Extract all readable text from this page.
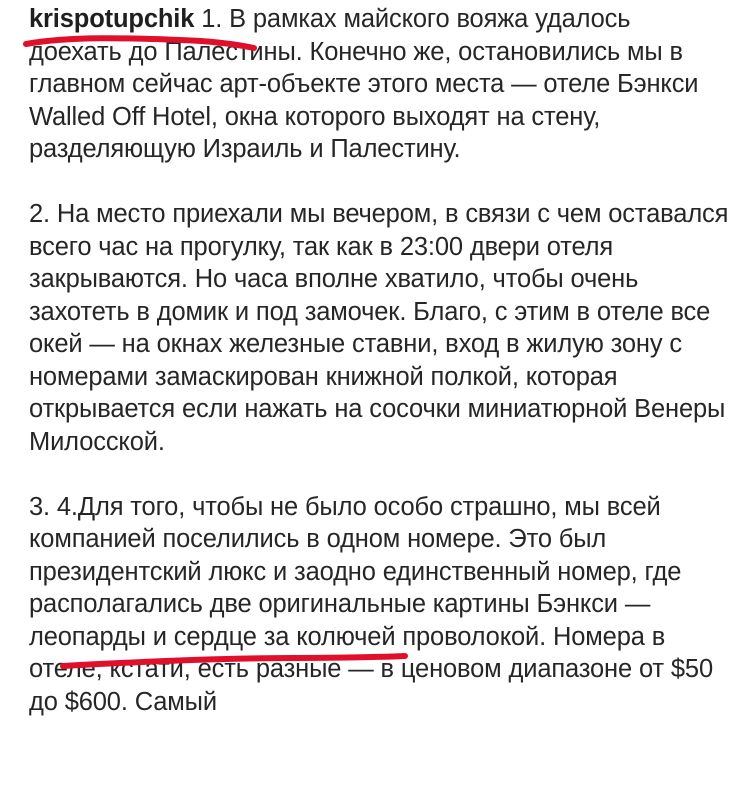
krispotupchik 1. В рамках майского вояжа удалось доехать до Палестины. Конечно же, остановились мы в главном сейчас арт-объекте этого места — отеле Бэнкси Walled Off Hotel, окна которого выходят на стену, разделяющую Израиль и Палестину.

2. На место приехали мы вечером, в связи с чем оставался всего час на прогулку, так как в 23:00 двери отеля закрываются. Но часа вполне хватило, чтобы очень захотеть в домик и под замочек. Благо, с этим в отеле все окей — на окнах железные ставни, вход в жилую зону с номерами замаскирован книжной полкой, которая открывается если нажать на сосочки миниатюрной Венеры Милосской.

3. 4.Для того, чтобы не было особо страшно, мы всей компанией поселились в одном номере. Это был президентский люкс и заодно единственный номер, где располагались две оригинальные картины Бэнкси — леопарды и сердце за колючей проволокой. Номера в отеле, кстати, есть разные — в ценовом диапазоне от $50 до $600. Самый
